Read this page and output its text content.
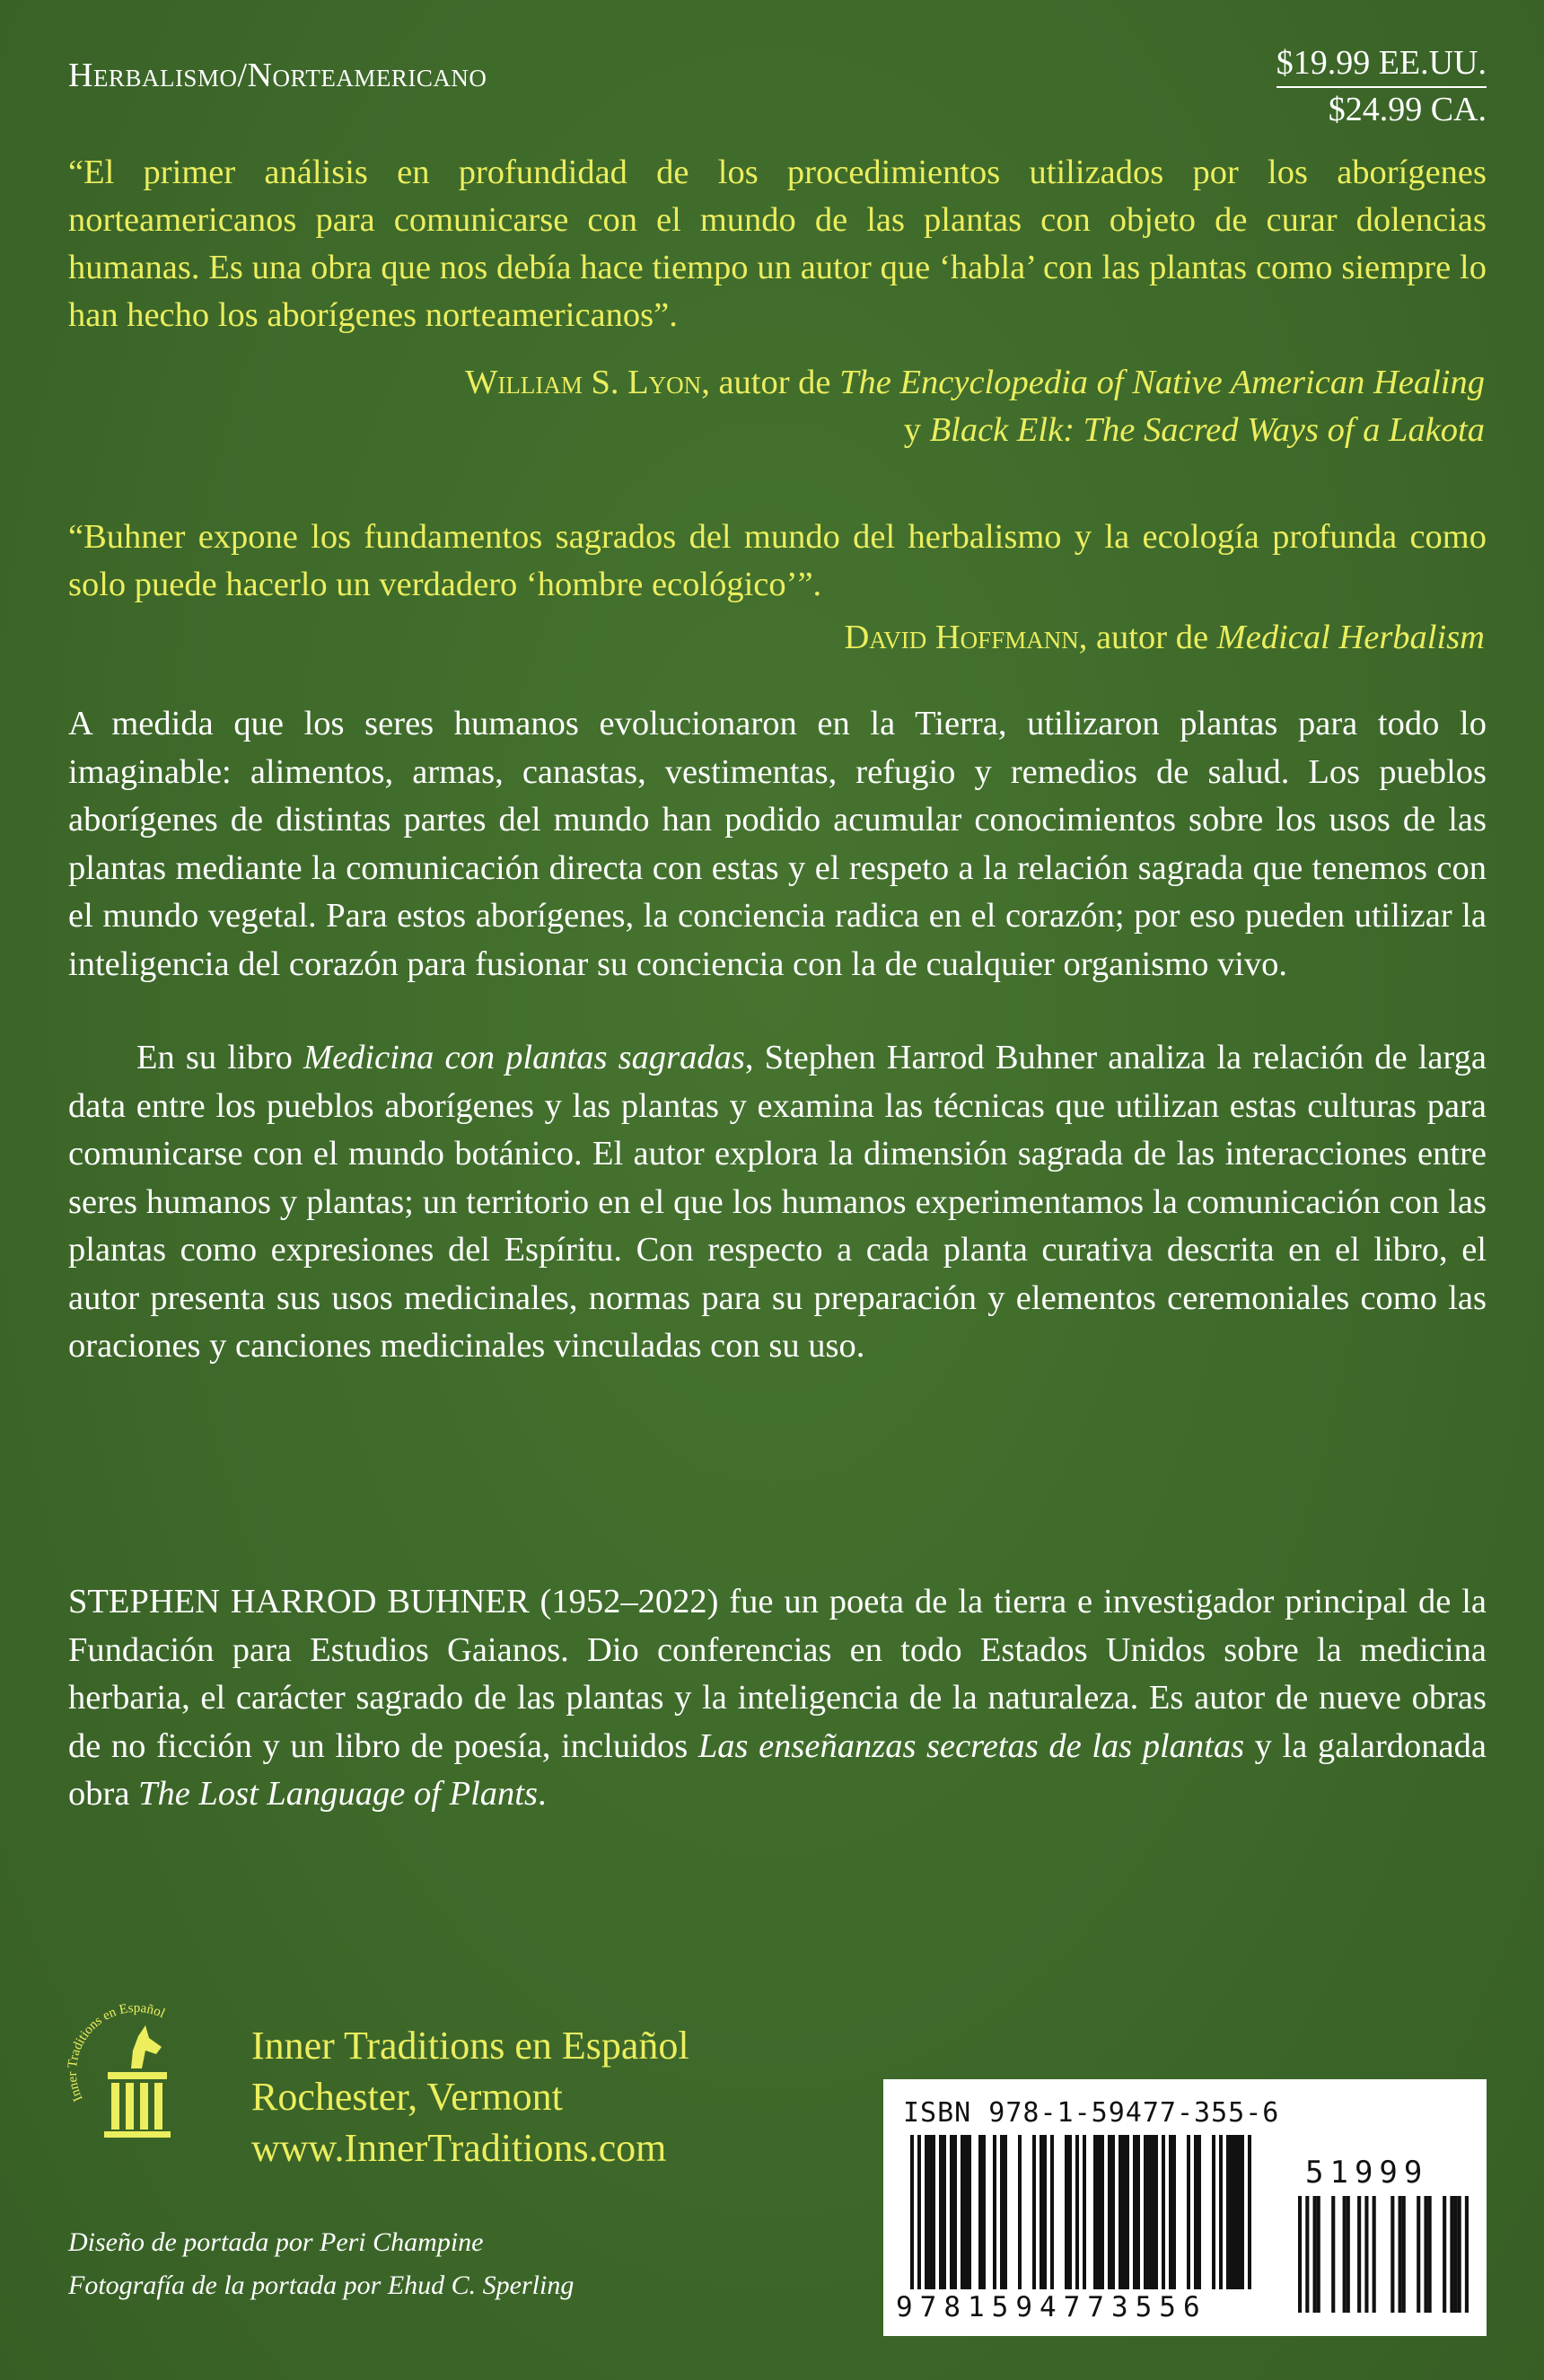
Herbalismo/Norteamericano	$19.99 EE.UU.
$24.99 CA.
“El primer análisis en profundidad de los procedimientos utilizados por los aborígenes norteamericanos para comunicarse con el mundo de las plantas con objeto de curar dolencias humanas. Es una obra que nos debía hace tiempo un autor que ‘habla’ con las plantas como siempre lo han hecho los aborígenes norteamericanos”.
William S. Lyon, autor de The Encyclopedia of Native American Healing
y Black Elk: The Sacred Ways of a Lakota
“Buhner expone los fundamentos sagrados del mundo del herbalismo y la ecología profunda como solo puede hacerlo un verdadero ‘hombre ecológico’”.
David Hoffmann, autor de Medical Herbalism
A medida que los seres humanos evolucionaron en la Tierra, utilizaron plantas para todo lo imaginable: alimentos, armas, canastas, vestimentas, refugio y remedios de salud. Los pueblos aborígenes de distintas partes del mundo han podido acumular conocimientos sobre los usos de las plantas mediante la comunicación directa con estas y el respeto a la relación sagrada que tenemos con el mundo vegetal. Para estos aborígenes, la conciencia radica en el corazón; por eso pueden utilizar la inteligencia del corazón para fusionar su conciencia con la de cualquier organismo vivo.
En su libro Medicina con plantas sagradas, Stephen Harrod Buhner analiza la relación de larga data entre los pueblos aborígenes y las plantas y examina las técnicas que utilizan estas culturas para comunicarse con el mundo botánico. El autor explora la dimensión sagrada de las interacciones entre seres humanos y plantas; un territorio en el que los humanos experimentamos la comunicación con las plantas como expresiones del Espíritu. Con respecto a cada planta curativa descrita en el libro, el autor presenta sus usos medicinales, normas para su preparación y elementos ceremoniales como las oraciones y canciones medicinales vinculadas con su uso.
STEPHEN HARROD BUHNER (1952–2022) fue un poeta de la tierra e investigador principal de la Fundación para Estudios Gaianos. Dio conferencias en todo Estados Unidos sobre la medicina herbaria, el carácter sagrado de las plantas y la inteligencia de la naturaleza. Es autor de nueve obras de no ficción y un libro de poesía, incluidos Las enseñanzas secretas de las plantas y la galardonada obra The Lost Language of Plants.
Inner Traditions en Español
Inner Traditions en Español
Rochester, Vermont
www.InnerTraditions.com
Diseño de portada por Peri Champine
Fotografía de la portada por Ehud C. Sperling
ISBN 978-1-59477-355-6
51999
9781594773556
